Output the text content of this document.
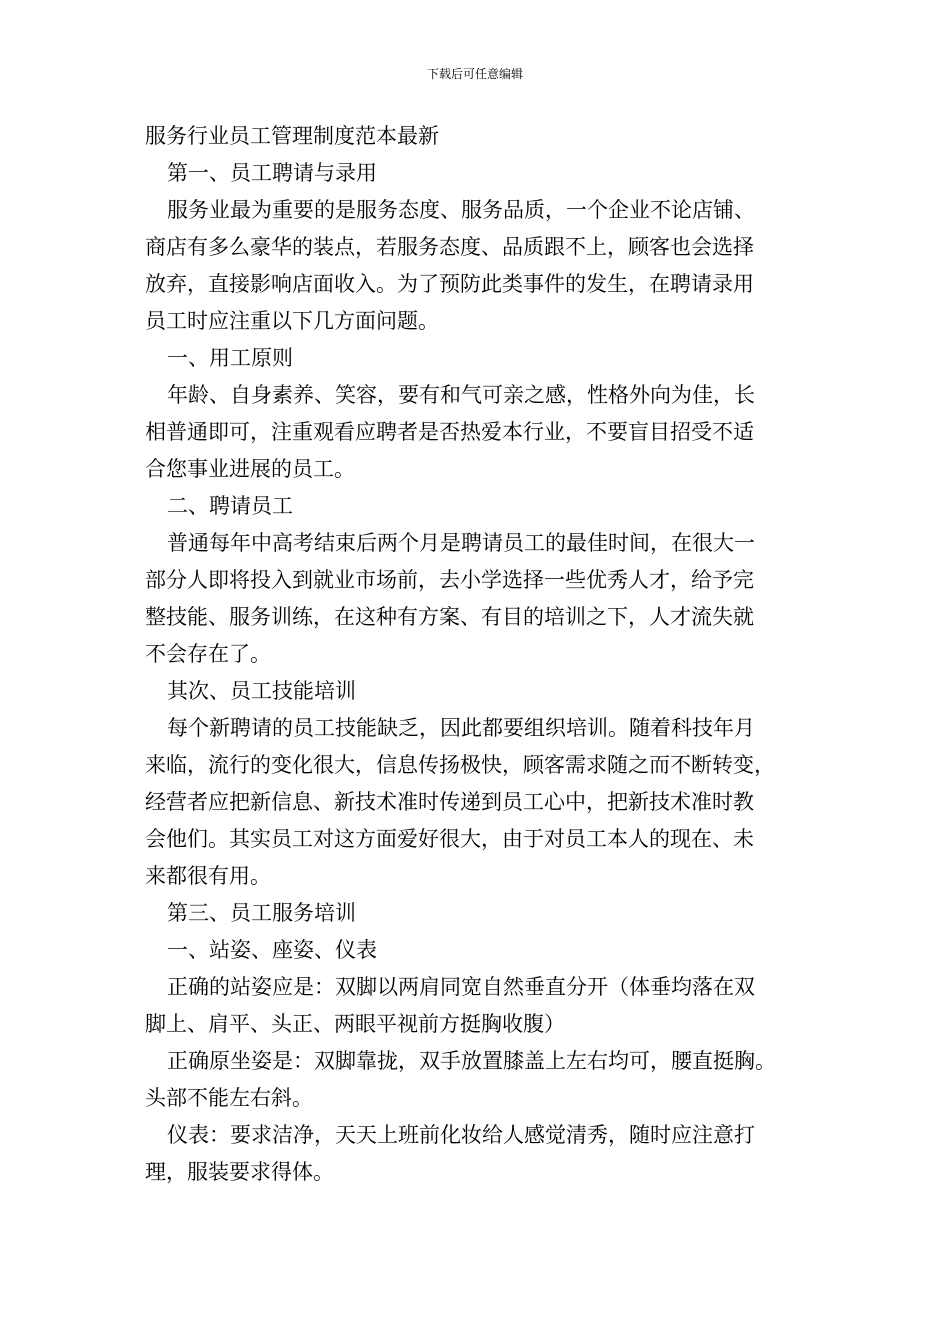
下载后可任意编辑
服务行业员工管理制度范本最新
第一、员工聘请与录用
服务业最为重要的是服务态度、服务品质，一个企业不论店铺、
商店有多么豪华的装点，若服务态度、品质跟不上，顾客也会选择
放弃，直接影响店面收入。为了预防此类事件的发生，在聘请录用
员工时应注重以下几方面问题。
一、用工原则
年龄、自身素养、笑容，要有和气可亲之感，性格外向为佳，长
相普通即可，注重观看应聘者是否热爱本行业，不要盲目招受不适
合您事业进展的员工。
二、聘请员工
普通每年中高考结束后两个月是聘请员工的最佳时间，在很大一
部分人即将投入到就业市场前，去小学选择一些优秀人才，给予完
整技能、服务训练，在这种有方案、有目的培训之下，人才流失就
不会存在了。
其次、员工技能培训
每个新聘请的员工技能缺乏，因此都要组织培训。随着科技年月
来临，流行的变化很大，信息传扬极快，顾客需求随之而不断转变，
经营者应把新信息、新技术准时传递到员工心中，把新技术准时教
会他们。其实员工对这方面爱好很大，由于对员工本人的现在、未
来都很有用。
第三、员工服务培训
一、站姿、座姿、仪表
正确的站姿应是：双脚以两肩同宽自然垂直分开（体垂均落在双
脚上、肩平、头正、两眼平视前方挺胸收腹）
正确原坐姿是：双脚靠拢，双手放置膝盖上左右均可，腰直挺胸。
头部不能左右斜。
仪表：要求洁净，天天上班前化妆给人感觉清秀，随时应注意打
理，服装要求得体。
